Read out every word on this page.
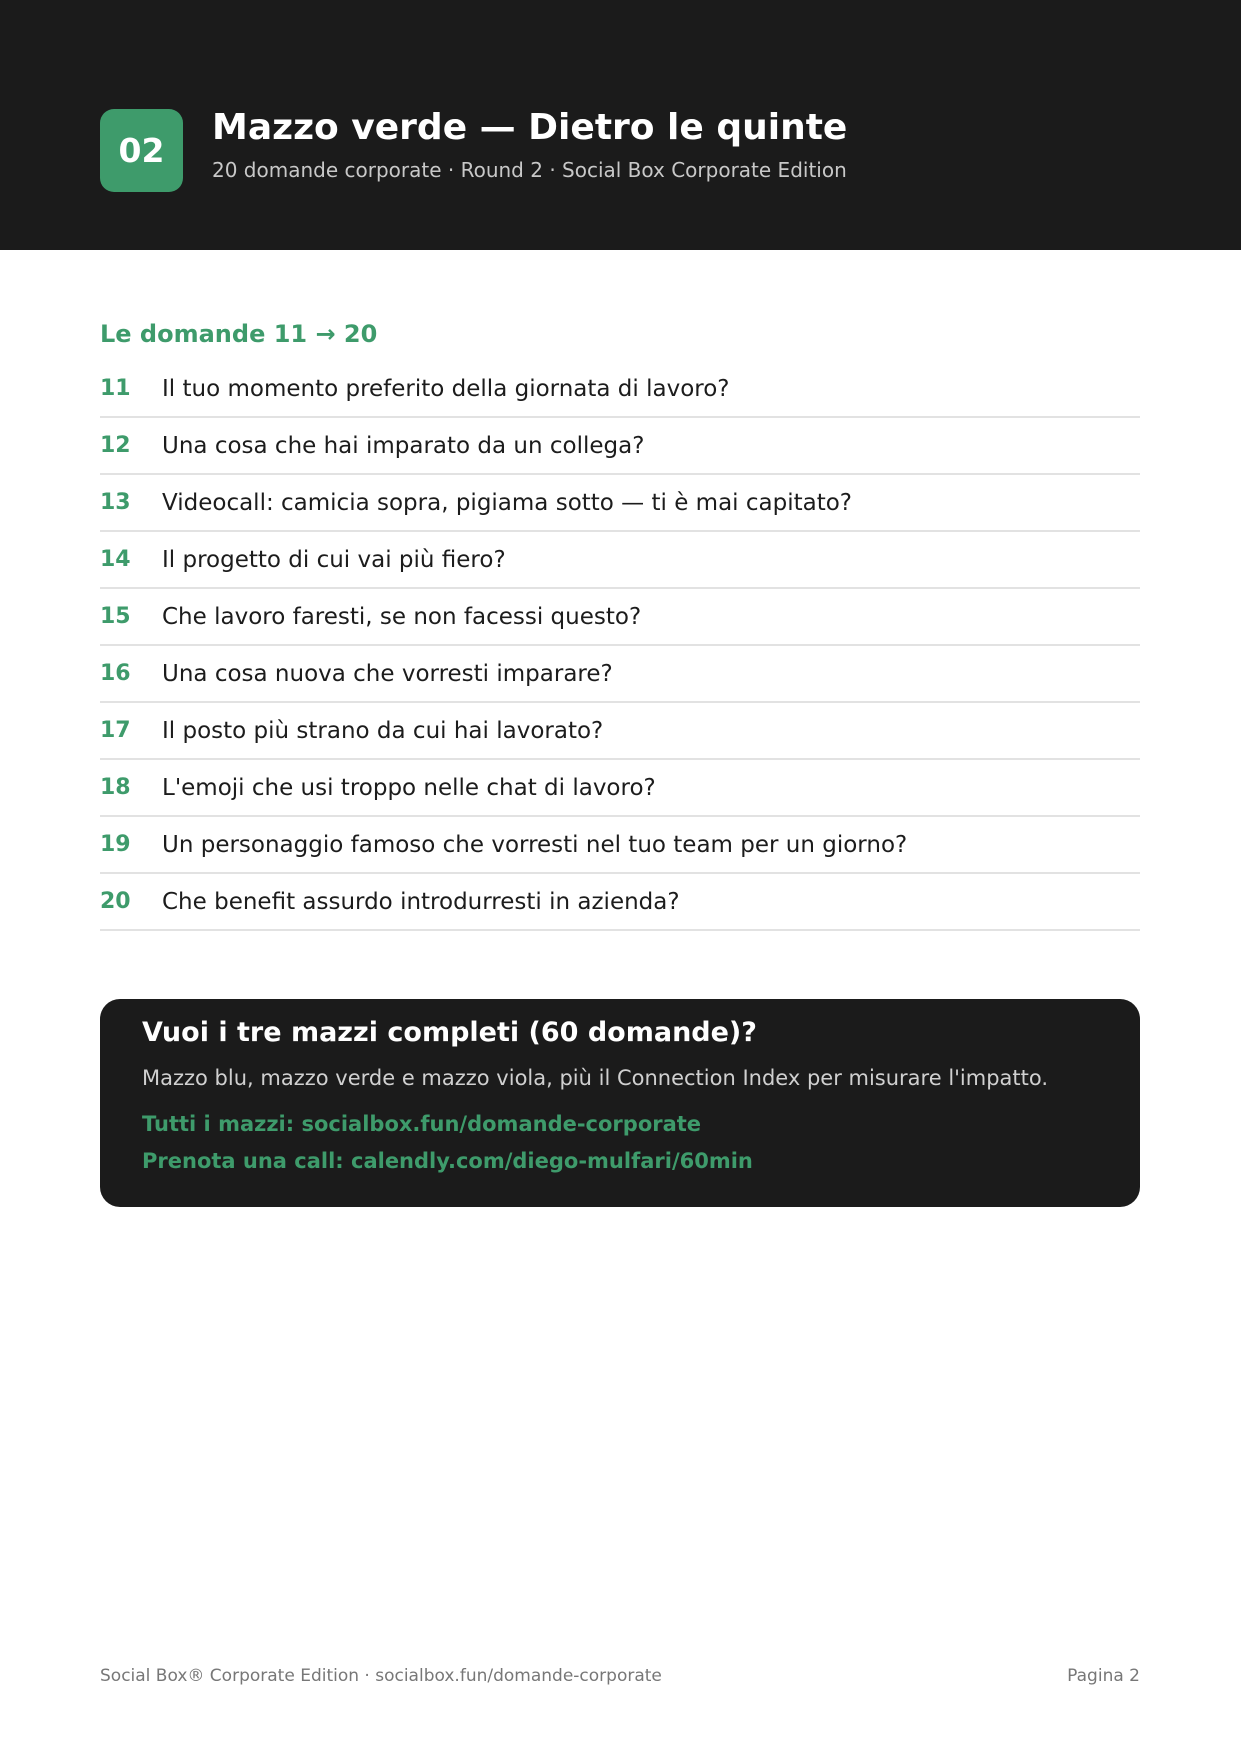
02
Mazzo verde — Dietro le quinte
20 domande corporate · Round 2 · Social Box Corporate Edition
Le domande 11 → 20
11	Il tuo momento preferito della giornata di lavoro?
12	Una cosa che hai imparato da un collega?
13	Videocall: camicia sopra, pigiama sotto — ti è mai capitato?
14	Il progetto di cui vai più fiero?
15	Che lavoro faresti, se non facessi questo?
16	Una cosa nuova che vorresti imparare?
17	Il posto più strano da cui hai lavorato?
18	L'emoji che usi troppo nelle chat di lavoro?
19	Un personaggio famoso che vorresti nel tuo team per un giorno?
20	Che benefit assurdo introdurresti in azienda?
Vuoi i tre mazzi completi (60 domande)?
Mazzo blu, mazzo verde e mazzo viola, più il Connection Index per misurare l'impatto.
Tutti i mazzi: socialbox.fun/domande-corporate
Prenota una call: calendly.com/diego-mulfari/60min
Social Box® Corporate Edition · socialbox.fun/domande-corporate	Pagina 2
